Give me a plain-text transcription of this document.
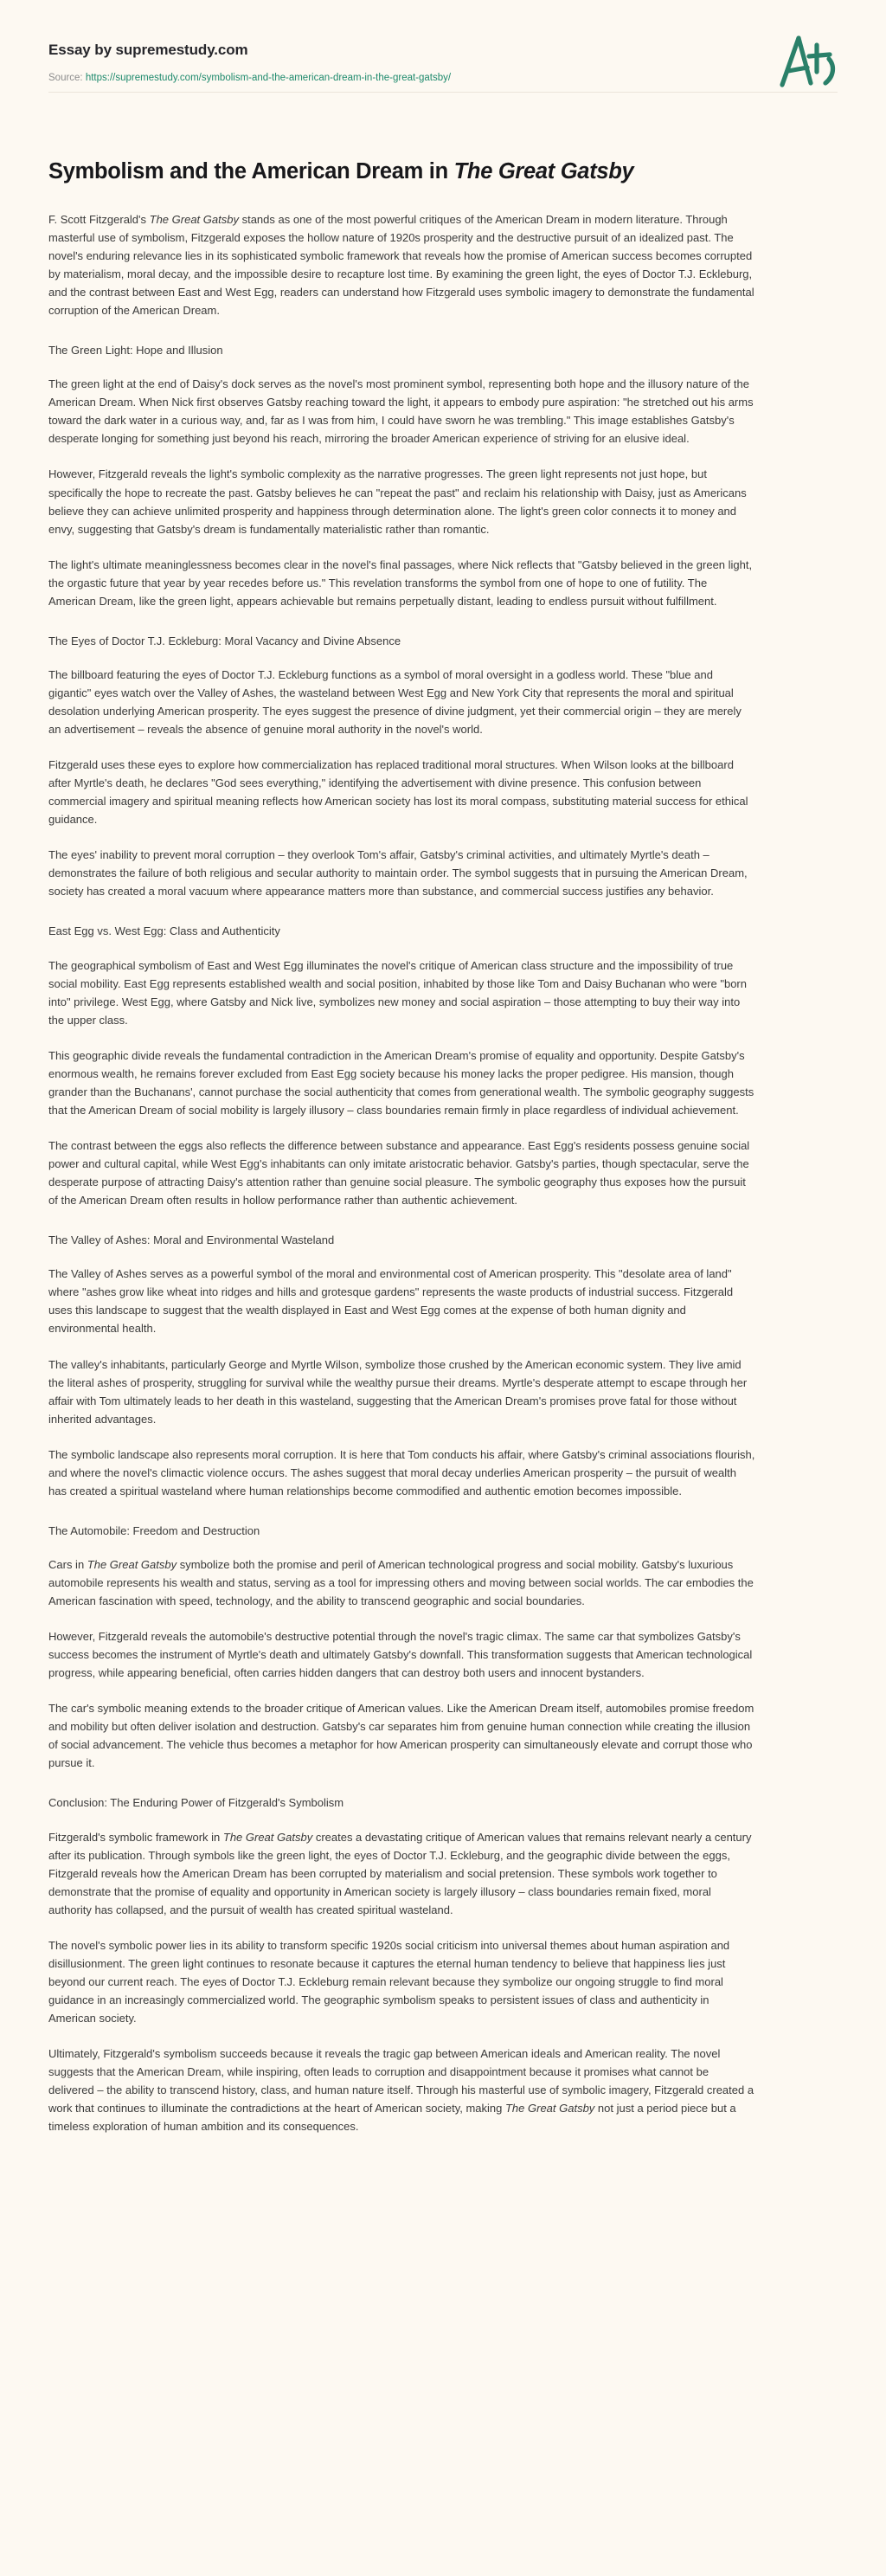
Essay by supremestudy.com
Source: https://supremestudy.com/symbolism-and-the-american-dream-in-the-great-gatsby/
Symbolism and the American Dream in The Great Gatsby

F. Scott Fitzgerald's The Great Gatsby stands as one of the most powerful critiques of the American Dream in modern literature. Through masterful use of symbolism, Fitzgerald exposes the hollow nature of 1920s prosperity and the destructive pursuit of an idealized past. The novel's enduring relevance lies in its sophisticated symbolic framework that reveals how the promise of American success becomes corrupted by materialism, moral decay, and the impossible desire to recapture lost time. By examining the green light, the eyes of Doctor T.J. Eckleburg, and the contrast between East and West Egg, readers can understand how Fitzgerald uses symbolic imagery to demonstrate the fundamental corruption of the American Dream.

The Green Light: Hope and Illusion

The green light at the end of Daisy's dock serves as the novel's most prominent symbol, representing both hope and the illusory nature of the American Dream. When Nick first observes Gatsby reaching toward the light, it appears to embody pure aspiration: "he stretched out his arms toward the dark water in a curious way, and, far as I was from him, I could have sworn he was trembling." This image establishes Gatsby's desperate longing for something just beyond his reach, mirroring the broader American experience of striving for an elusive ideal.

However, Fitzgerald reveals the light's symbolic complexity as the narrative progresses. The green light represents not just hope, but specifically the hope to recreate the past. Gatsby believes he can "repeat the past" and reclaim his relationship with Daisy, just as Americans believe they can achieve unlimited prosperity and happiness through determination alone. The light's green color connects it to money and envy, suggesting that Gatsby's dream is fundamentally materialistic rather than romantic.

The light's ultimate meaninglessness becomes clear in the novel's final passages, where Nick reflects that "Gatsby believed in the green light, the orgastic future that year by year recedes before us." This revelation transforms the symbol from one of hope to one of futility. The American Dream, like the green light, appears achievable but remains perpetually distant, leading to endless pursuit without fulfillment.

The Eyes of Doctor T.J. Eckleburg: Moral Vacancy and Divine Absence

The billboard featuring the eyes of Doctor T.J. Eckleburg functions as a symbol of moral oversight in a godless world. These "blue and gigantic" eyes watch over the Valley of Ashes, the wasteland between West Egg and New York City that represents the moral and spiritual desolation underlying American prosperity. The eyes suggest the presence of divine judgment, yet their commercial origin – they are merely an advertisement – reveals the absence of genuine moral authority in the novel's world.

Fitzgerald uses these eyes to explore how commercialization has replaced traditional moral structures. When Wilson looks at the billboard after Myrtle's death, he declares "God sees everything," identifying the advertisement with divine presence. This confusion between commercial imagery and spiritual meaning reflects how American society has lost its moral compass, substituting material success for ethical guidance.

The eyes' inability to prevent moral corruption – they overlook Tom's affair, Gatsby's criminal activities, and ultimately Myrtle's death – demonstrates the failure of both religious and secular authority to maintain order. The symbol suggests that in pursuing the American Dream, society has created a moral vacuum where appearance matters more than substance, and commercial success justifies any behavior.

East Egg vs. West Egg: Class and Authenticity

The geographical symbolism of East and West Egg illuminates the novel's critique of American class structure and the impossibility of true social mobility. East Egg represents established wealth and social position, inhabited by those like Tom and Daisy Buchanan who were "born into" privilege. West Egg, where Gatsby and Nick live, symbolizes new money and social aspiration – those attempting to buy their way into the upper class.

This geographic divide reveals the fundamental contradiction in the American Dream's promise of equality and opportunity. Despite Gatsby's enormous wealth, he remains forever excluded from East Egg society because his money lacks the proper pedigree. His mansion, though grander than the Buchanans', cannot purchase the social authenticity that comes from generational wealth. The symbolic geography suggests that the American Dream of social mobility is largely illusory – class boundaries remain firmly in place regardless of individual achievement.

The contrast between the eggs also reflects the difference between substance and appearance. East Egg's residents possess genuine social power and cultural capital, while West Egg's inhabitants can only imitate aristocratic behavior. Gatsby's parties, though spectacular, serve the desperate purpose of attracting Daisy's attention rather than genuine social pleasure. The symbolic geography thus exposes how the pursuit of the American Dream often results in hollow performance rather than authentic achievement.

The Valley of Ashes: Moral and Environmental Wasteland

The Valley of Ashes serves as a powerful symbol of the moral and environmental cost of American prosperity. This "desolate area of land" where "ashes grow like wheat into ridges and hills and grotesque gardens" represents the waste products of industrial success. Fitzgerald uses this landscape to suggest that the wealth displayed in East and West Egg comes at the expense of both human dignity and environmental health.

The valley's inhabitants, particularly George and Myrtle Wilson, symbolize those crushed by the American economic system. They live amid the literal ashes of prosperity, struggling for survival while the wealthy pursue their dreams. Myrtle's desperate attempt to escape through her affair with Tom ultimately leads to her death in this wasteland, suggesting that the American Dream's promises prove fatal for those without inherited advantages.

The symbolic landscape also represents moral corruption. It is here that Tom conducts his affair, where Gatsby's criminal associations flourish, and where the novel's climactic violence occurs. The ashes suggest that moral decay underlies American prosperity – the pursuit of wealth has created a spiritual wasteland where human relationships become commodified and authentic emotion becomes impossible.

The Automobile: Freedom and Destruction

Cars in The Great Gatsby symbolize both the promise and peril of American technological progress and social mobility. Gatsby's luxurious automobile represents his wealth and status, serving as a tool for impressing others and moving between social worlds. The car embodies the American fascination with speed, technology, and the ability to transcend geographic and social boundaries.

However, Fitzgerald reveals the automobile's destructive potential through the novel's tragic climax. The same car that symbolizes Gatsby's success becomes the instrument of Myrtle's death and ultimately Gatsby's downfall. This transformation suggests that American technological progress, while appearing beneficial, often carries hidden dangers that can destroy both users and innocent bystanders.

The car's symbolic meaning extends to the broader critique of American values. Like the American Dream itself, automobiles promise freedom and mobility but often deliver isolation and destruction. Gatsby's car separates him from genuine human connection while creating the illusion of social advancement. The vehicle thus becomes a metaphor for how American prosperity can simultaneously elevate and corrupt those who pursue it.

Conclusion: The Enduring Power of Fitzgerald's Symbolism

Fitzgerald's symbolic framework in The Great Gatsby creates a devastating critique of American values that remains relevant nearly a century after its publication. Through symbols like the green light, the eyes of Doctor T.J. Eckleburg, and the geographic divide between the eggs, Fitzgerald reveals how the American Dream has been corrupted by materialism and social pretension. These symbols work together to demonstrate that the promise of equality and opportunity in American society is largely illusory – class boundaries remain fixed, moral authority has collapsed, and the pursuit of wealth has created spiritual wasteland.

The novel's symbolic power lies in its ability to transform specific 1920s social criticism into universal themes about human aspiration and disillusionment. The green light continues to resonate because it captures the eternal human tendency to believe that happiness lies just beyond our current reach. The eyes of Doctor T.J. Eckleburg remain relevant because they symbolize our ongoing struggle to find moral guidance in an increasingly commercialized world. The geographic symbolism speaks to persistent issues of class and authenticity in American society.

Ultimately, Fitzgerald's symbolism succeeds because it reveals the tragic gap between American ideals and American reality. The novel suggests that the American Dream, while inspiring, often leads to corruption and disappointment because it promises what cannot be delivered – the ability to transcend history, class, and human nature itself. Through his masterful use of symbolic imagery, Fitzgerald created a work that continues to illuminate the contradictions at the heart of American society, making The Great Gatsby not just a period piece but a timeless exploration of human ambition and its consequences.
